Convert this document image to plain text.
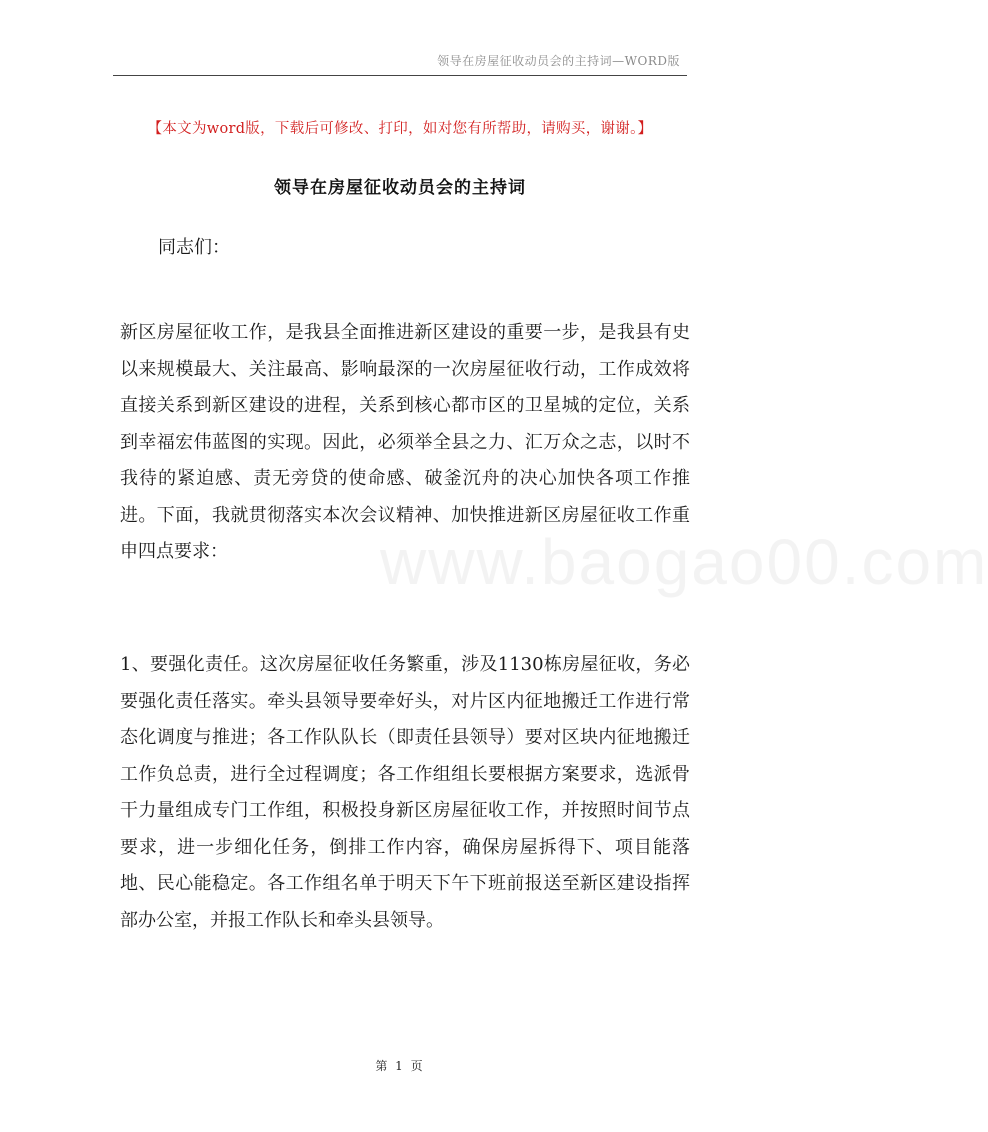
领导在房屋征收动员会的主持词—WORD版
【本文为word版，下载后可修改、打印，如对您有所帮助，请购买，谢谢。】
领导在房屋征收动员会的主持词
同志们：
新区房屋征收工作，是我县全面推进新区建设的重要一步，是我县有史以来规模最大、关注最高、影响最深的一次房屋征收行动，工作成效将直接关系到新区建设的进程，关系到核心都市区的卫星城的定位，关系到幸福宏伟蓝图的实现。因此，必须举全县之力、汇万众之志，以时不我待的紧迫感、责无旁贷的使命感、破釜沉舟的决心加快各项工作推进。下面，我就贯彻落实本次会议精神、加快推进新区房屋征收工作重申四点要求：	www.baogao00.com
1、要强化责任。这次房屋征收任务繁重，涉及1130栋房屋征收，务必要强化责任落实。牵头县领导要牵好头，对片区内征地搬迁工作进行常态化调度与推进；各工作队队长（即责任县领导）要对区块内征地搬迁工作负总责，进行全过程调度；各工作组组长要根据方案要求，选派骨干力量组成专门工作组，积极投身新区房屋征收工作，并按照时间节点要求，进一步细化任务，倒排工作内容，确保房屋拆得下、项目能落地、民心能稳定。各工作组名单于明天下午下班前报送至新区建设指挥部办公室，并报工作队长和牵头县领导。
第 1 页
